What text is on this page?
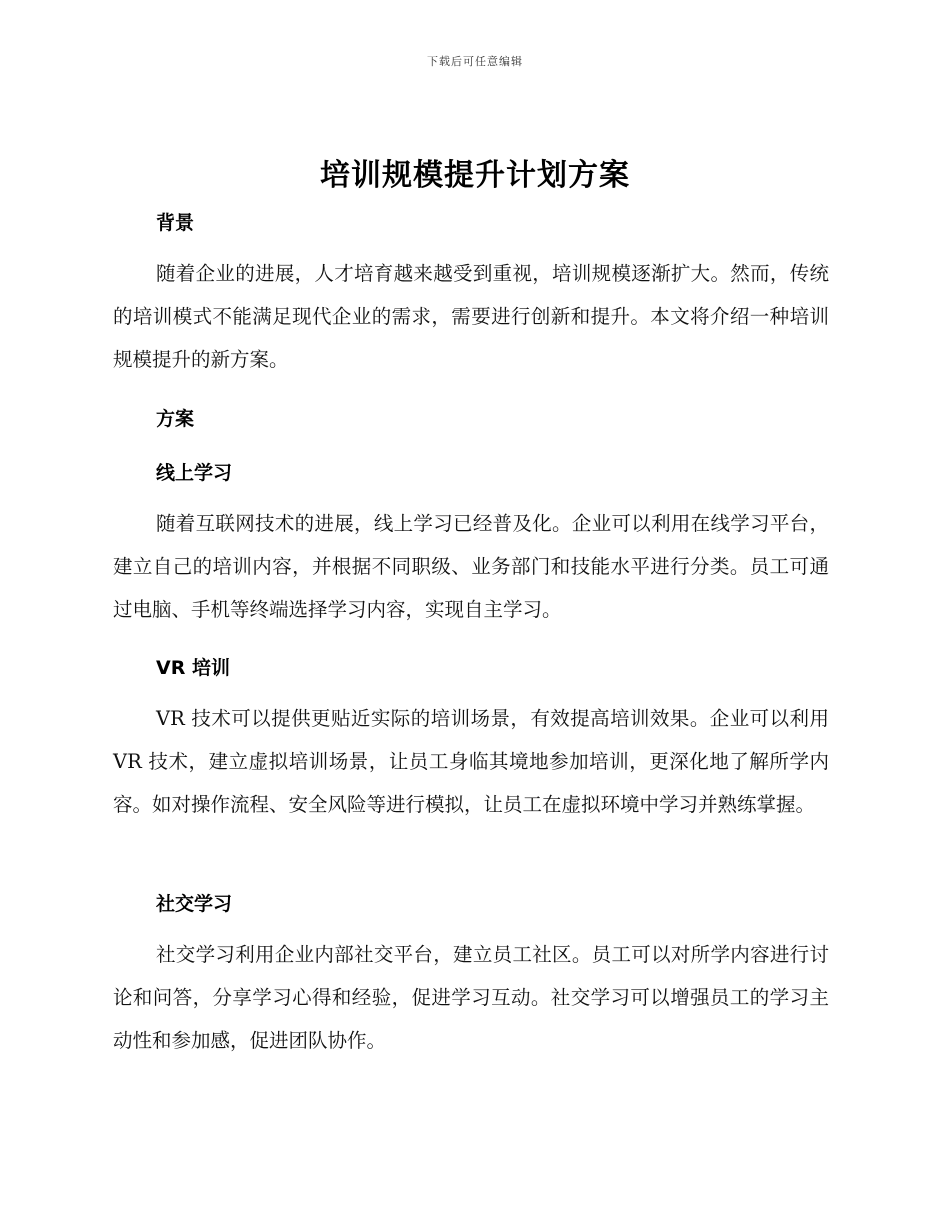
下载后可任意编辑
培训规模提升计划方案
背景

随着企业的进展，人才培育越来越受到重视，培训规模逐渐扩大。然而，传统的培训模式不能满足现代企业的需求，需要进行创新和提升。本文将介绍一种培训规模提升的新方案。

方案
线上学习

随着互联网技术的进展，线上学习已经普及化。企业可以利用在线学习平台，建立自己的培训内容，并根据不同职级、业务部门和技能水平进行分类。员工可通过电脑、手机等终端选择学习内容，实现自主学习。

VR 培训

VR 技术可以提供更贴近实际的培训场景，有效提高培训效果。企业可以利用 VR 技术，建立虚拟培训场景，让员工身临其境地参加培训，更深化地了解所学内容。如对操作流程、安全风险等进行模拟，让员工在虚拟环境中学习并熟练掌握。

社交学习

社交学习利用企业内部社交平台，建立员工社区。员工可以对所学内容进行讨论和问答，分享学习心得和经验，促进学习互动。社交学习可以增强员工的学习主动性和参加感，促进团队协作。
